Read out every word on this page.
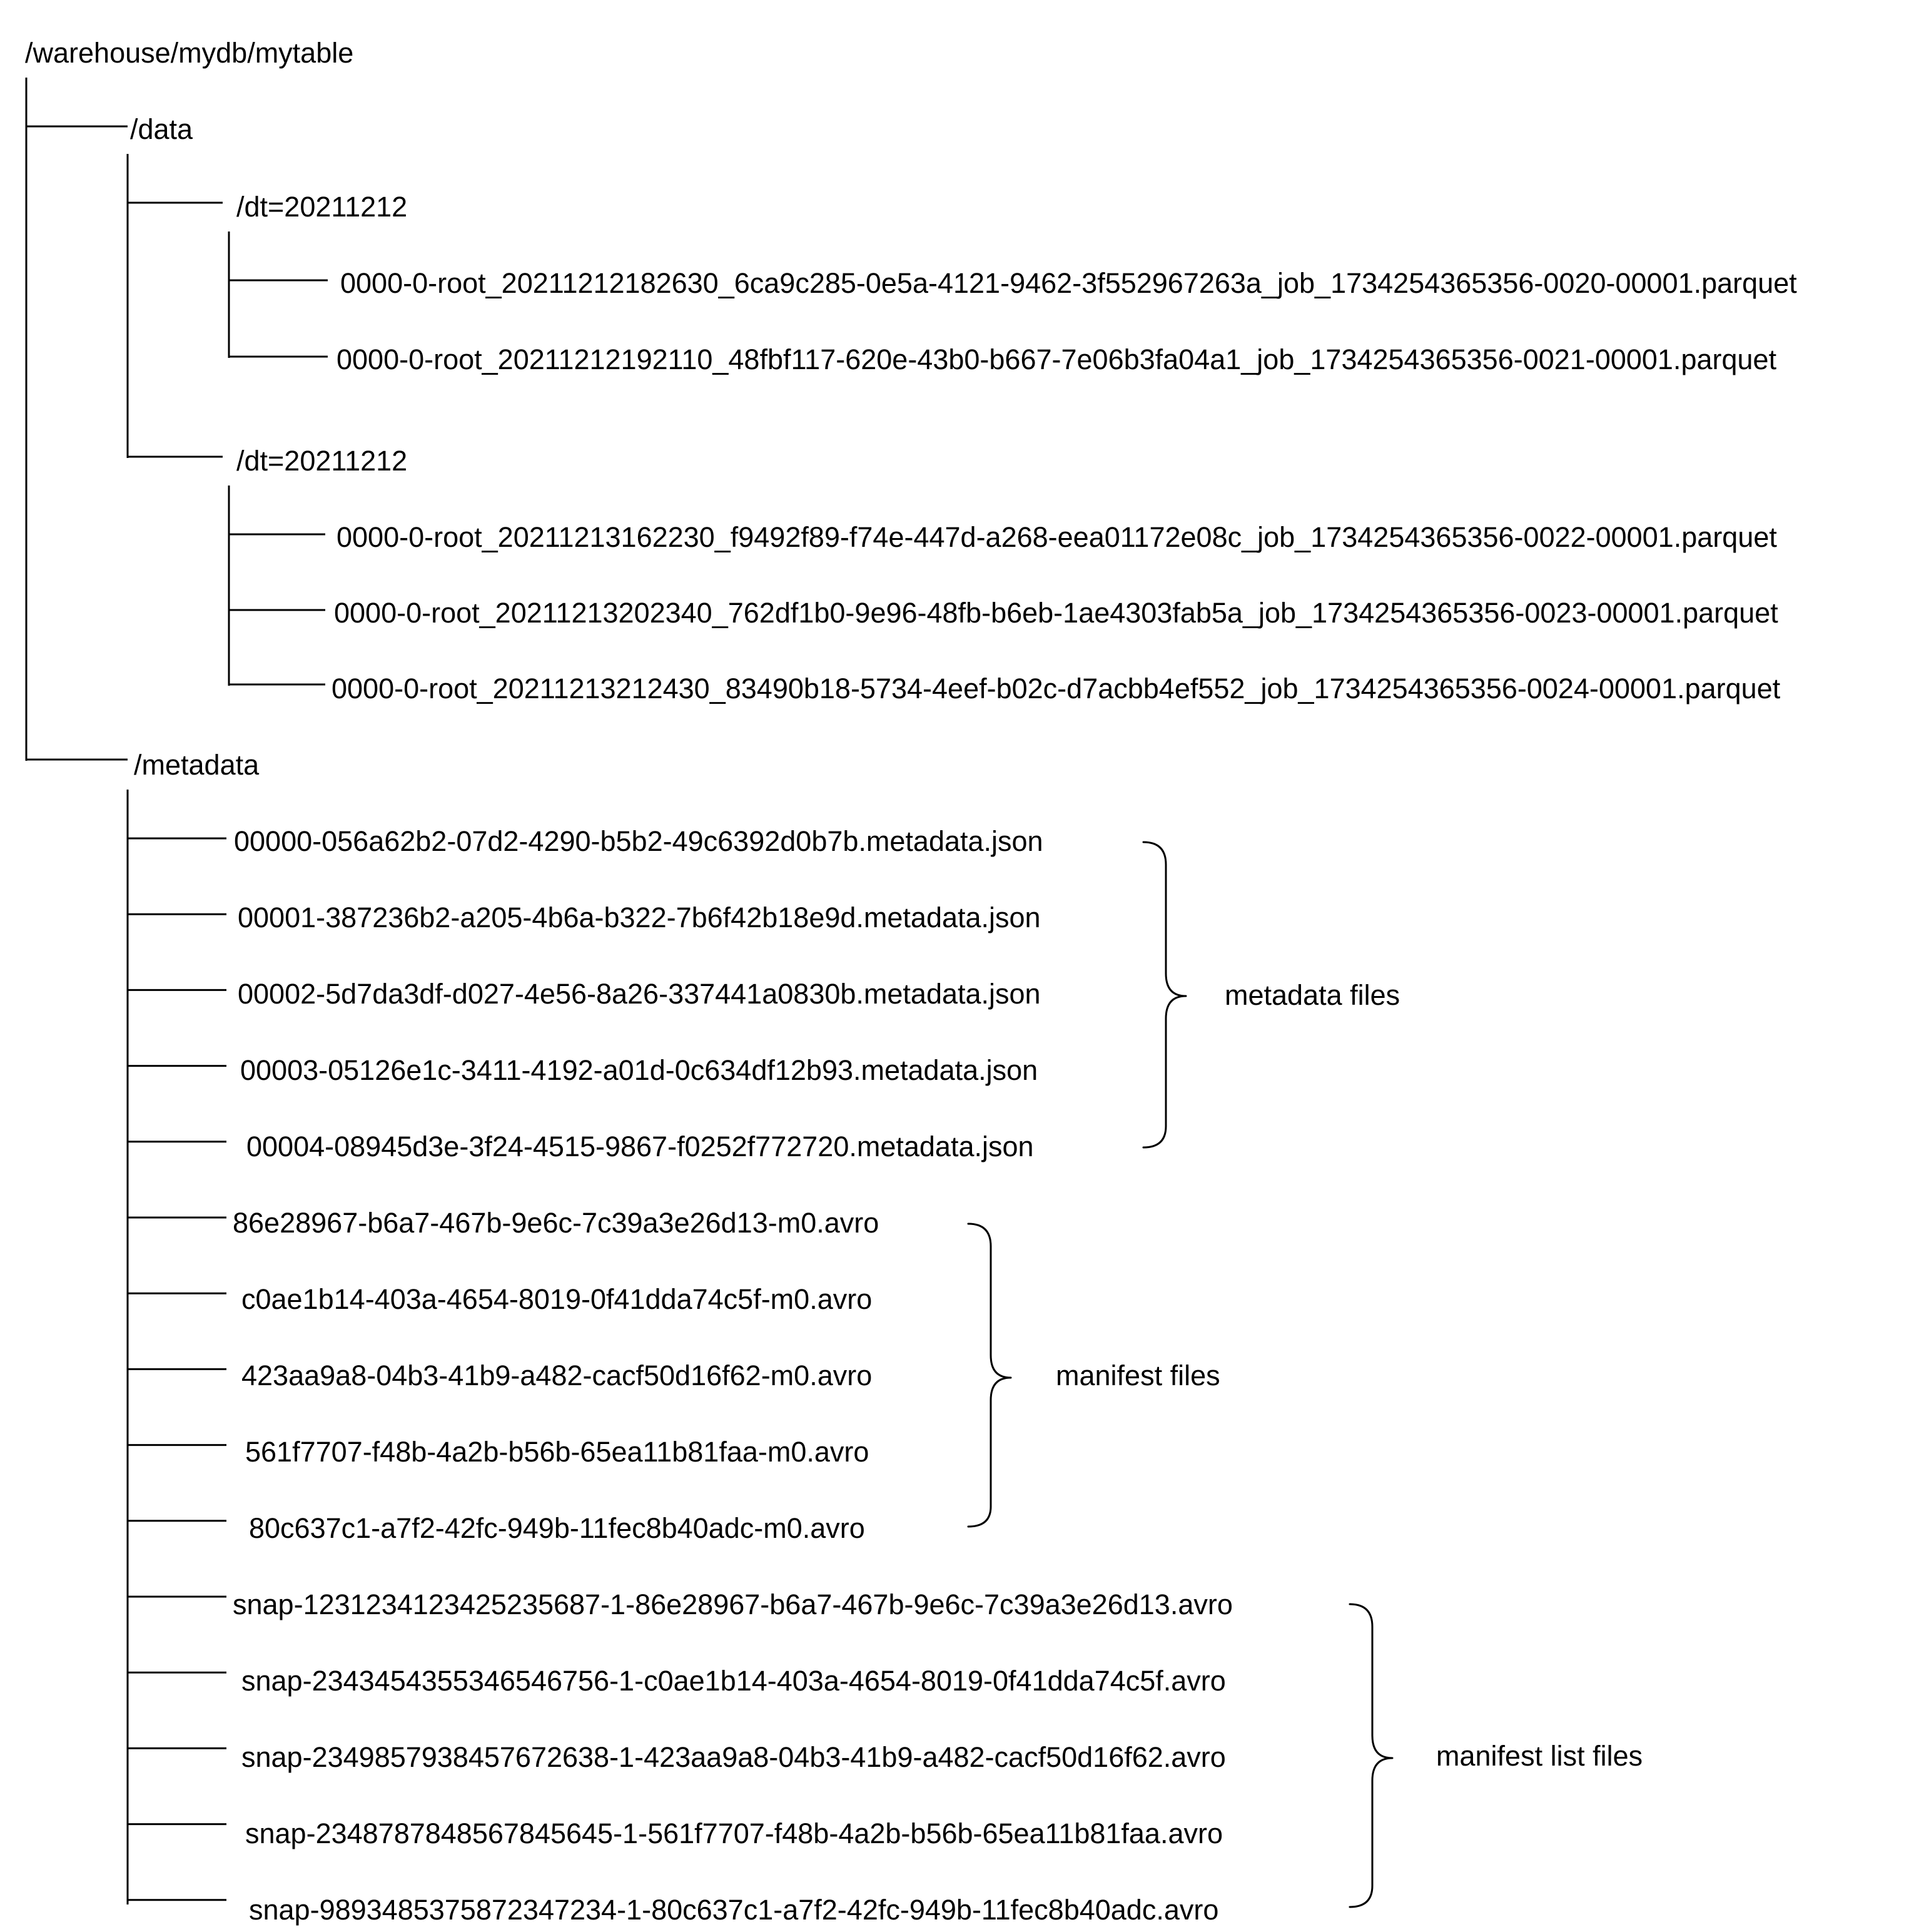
/warehouse/mydb/mytable
/data
/dt=20211212
0000-0-root_20211212182630_6ca9c285-0e5a-4121-9462-3f552967263a_job_1734254365356-0020-00001.parquet
0000-0-root_20211212192110_48fbf117-620e-43b0-b667-7e06b3fa04a1_job_1734254365356-0021-00001.parquet
/dt=20211212
0000-0-root_20211213162230_f9492f89-f74e-447d-a268-eea01172e08c_job_1734254365356-0022-00001.parquet
0000-0-root_20211213202340_762df1b0-9e96-48fb-b6eb-1ae4303fab5a_job_1734254365356-0023-00001.parquet
0000-0-root_20211213212430_83490b18-5734-4eef-b02c-d7acbb4ef552_job_1734254365356-0024-00001.parquet
/metadata
00000-056a62b2-07d2-4290-b5b2-49c6392d0b7b.metadata.json
00001-387236b2-a205-4b6a-b322-7b6f42b18e9d.metadata.json
00002-5d7da3df-d027-4e56-8a26-337441a0830b.metadata.json
00003-05126e1c-3411-4192-a01d-0c634df12b93.metadata.json
00004-08945d3e-3f24-4515-9867-f0252f772720.metadata.json
metadata files
86e28967-b6a7-467b-9e6c-7c39a3e26d13-m0.avro
c0ae1b14-403a-4654-8019-0f41dda74c5f-m0.avro
423aa9a8-04b3-41b9-a482-cacf50d16f62-m0.avro
561f7707-f48b-4a2b-b56b-65ea11b81faa-m0.avro
80c637c1-a7f2-42fc-949b-11fec8b40adc-m0.avro
manifest files
snap-1231234123425235687-1-86e28967-b6a7-467b-9e6c-7c39a3e26d13.avro
snap-2343454355346546756-1-c0ae1b14-403a-4654-8019-0f41dda74c5f.avro
snap-2349857938457672638-1-423aa9a8-04b3-41b9-a482-cacf50d16f62.avro
snap-2348787848567845645-1-561f7707-f48b-4a2b-b56b-65ea11b81faa.avro
snap-9893485375872347234-1-80c637c1-a7f2-42fc-949b-11fec8b40adc.avro
manifest list files
